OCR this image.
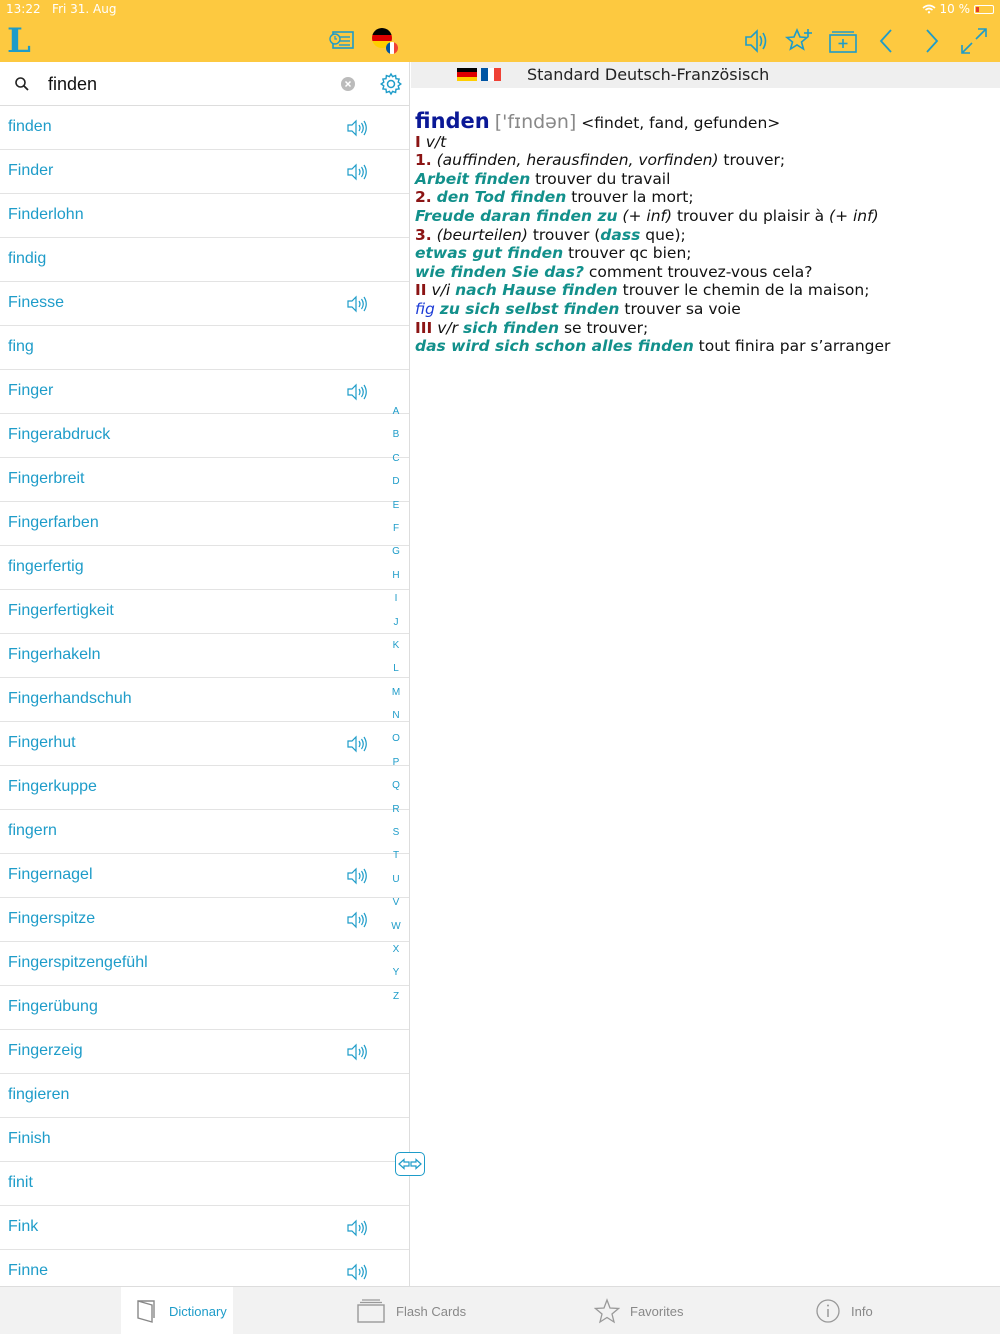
13:22 Fri 31. Aug	10 %
L
finden
finden
Finder
Finderlohn
findig
Finesse
fing
Finger
Fingerabdruck
Fingerbreit
Fingerfarben
fingerfertig
Fingerfertigkeit
Fingerhakeln
Fingerhandschuh
Fingerhut
Fingerkuppe
fingern
Fingernagel
Fingerspitze
Fingerspitzengefühl
Fingerübung
Fingerzeig
fingieren
Finish
finit
Fink
Finne
A
B
C
D
E
F
G
H
I
J
K
L
M
N
O
P
Q
R
S
T
U
V
W
X
Y
Z
Standard Deutsch-Französisch
finden ['fɪndən] <findet, fand, gefunden>
I v/t
1. (auffinden, herausfinden, vorfinden) trouver;
Arbeit finden trouver du travail
2. den Tod finden trouver la mort;
Freude daran finden zu (+ inf) trouver du plaisir à (+ inf)
3. (beurteilen) trouver (dass que);
etwas gut finden trouver qc bien;
wie finden Sie das? comment trouvez-vous cela?
II v/i nach Hause finden trouver le chemin de la maison;
fig zu sich selbst finden trouver sa voie
III v/r sich finden se trouver;
das wird sich schon alles finden tout finira par s’arranger
Dictionary	Flash Cards	Favorites	Info
